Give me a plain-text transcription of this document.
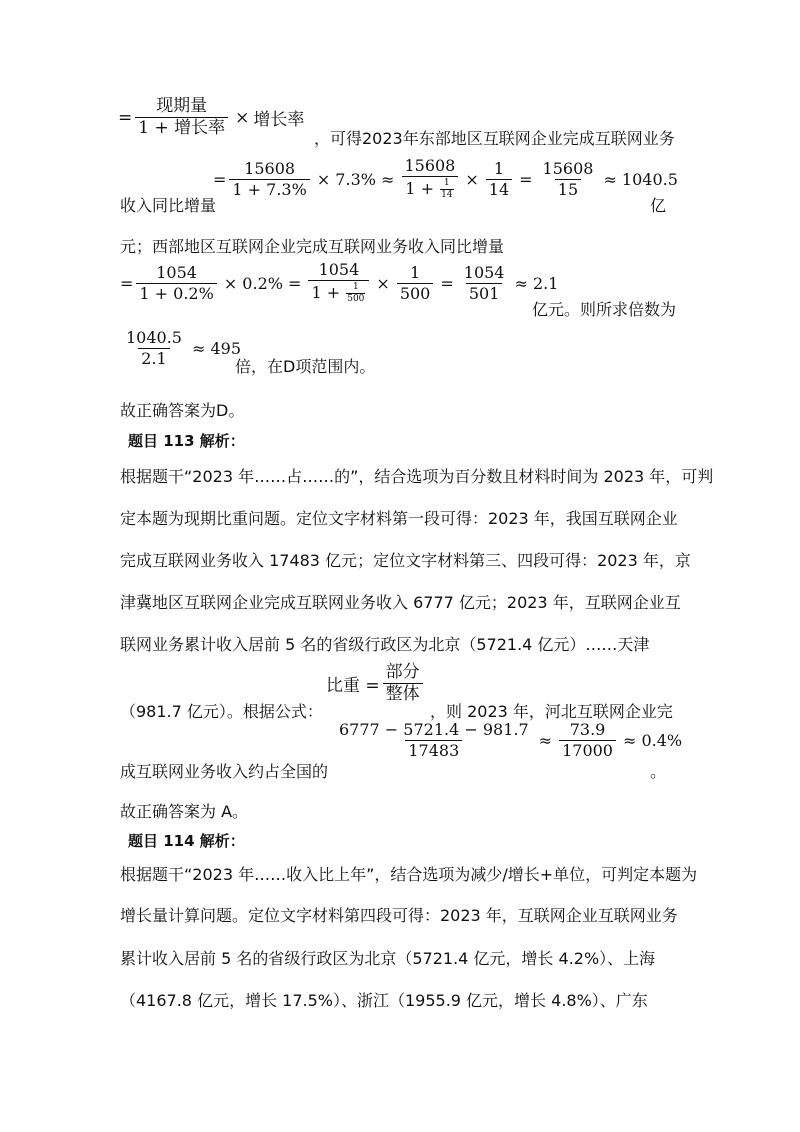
= $\frac{\text{现期量}}{\text{1 + 增长率}}$ × 增长率
，可得2023年东部地区互联网企业完成互联网业务
= $\frac{15608}{1 + 7.3\%} \times 7.3\% \approx \frac{15608}{1 + \frac{1}{14}} \times \frac{1}{14} = \frac{15608}{15} \approx 1040.5$
收入同比增量	亿
元；西部地区互联网企业完成互联网业务收入同比增量
= $\frac{1054}{1 + 0.2\%} \times 0.2\% = \frac{1054}{1 + \frac{1}{500}} \times \frac{1}{500} = \frac{1054}{501} \approx 2.1$
亿元。则所求倍数为
$\frac{1040.5}{2.1} \approx 495$
倍，在D项范围内。
故正确答案为D。
题目 113 解析：
根据题干“2023 年……占……的”，结合选项为百分数且材料时间为 2023 年，可判
定本题为现期比重问题。定位文字材料第一段可得：2023 年，我国互联网企业
完成互联网业务收入 17483 亿元；定位文字材料第三、四段可得：2023 年，京
津冀地区互联网企业完成互联网业务收入 6777 亿元；2023 年，互联网企业互
联网业务累计收入居前 5 名的省级行政区为北京（5721.4 亿元）……天津
比重 = $\frac{\text{部分}}{\text{整体}}$
（981.7 亿元）。根据公式：	，则 2023 年，河北互联网企业完
$\frac{6777 - 5721.4 - 981.7}{17483} \approx \frac{73.9}{17000} \approx 0.4\%$
成互联网业务收入约占全国的	。
故正确答案为 A。
题目 114 解析：
根据题干“2023 年……收入比上年”，结合选项为减少/增长+单位，可判定本题为
增长量计算问题。定位文字材料第四段可得：2023 年，互联网企业互联网业务
累计收入居前 5 名的省级行政区为北京（5721.4 亿元，增长 4.2%）、上海
（4167.8 亿元，增长 17.5%）、浙江（1955.9 亿元，增长 4.8%）、广东
